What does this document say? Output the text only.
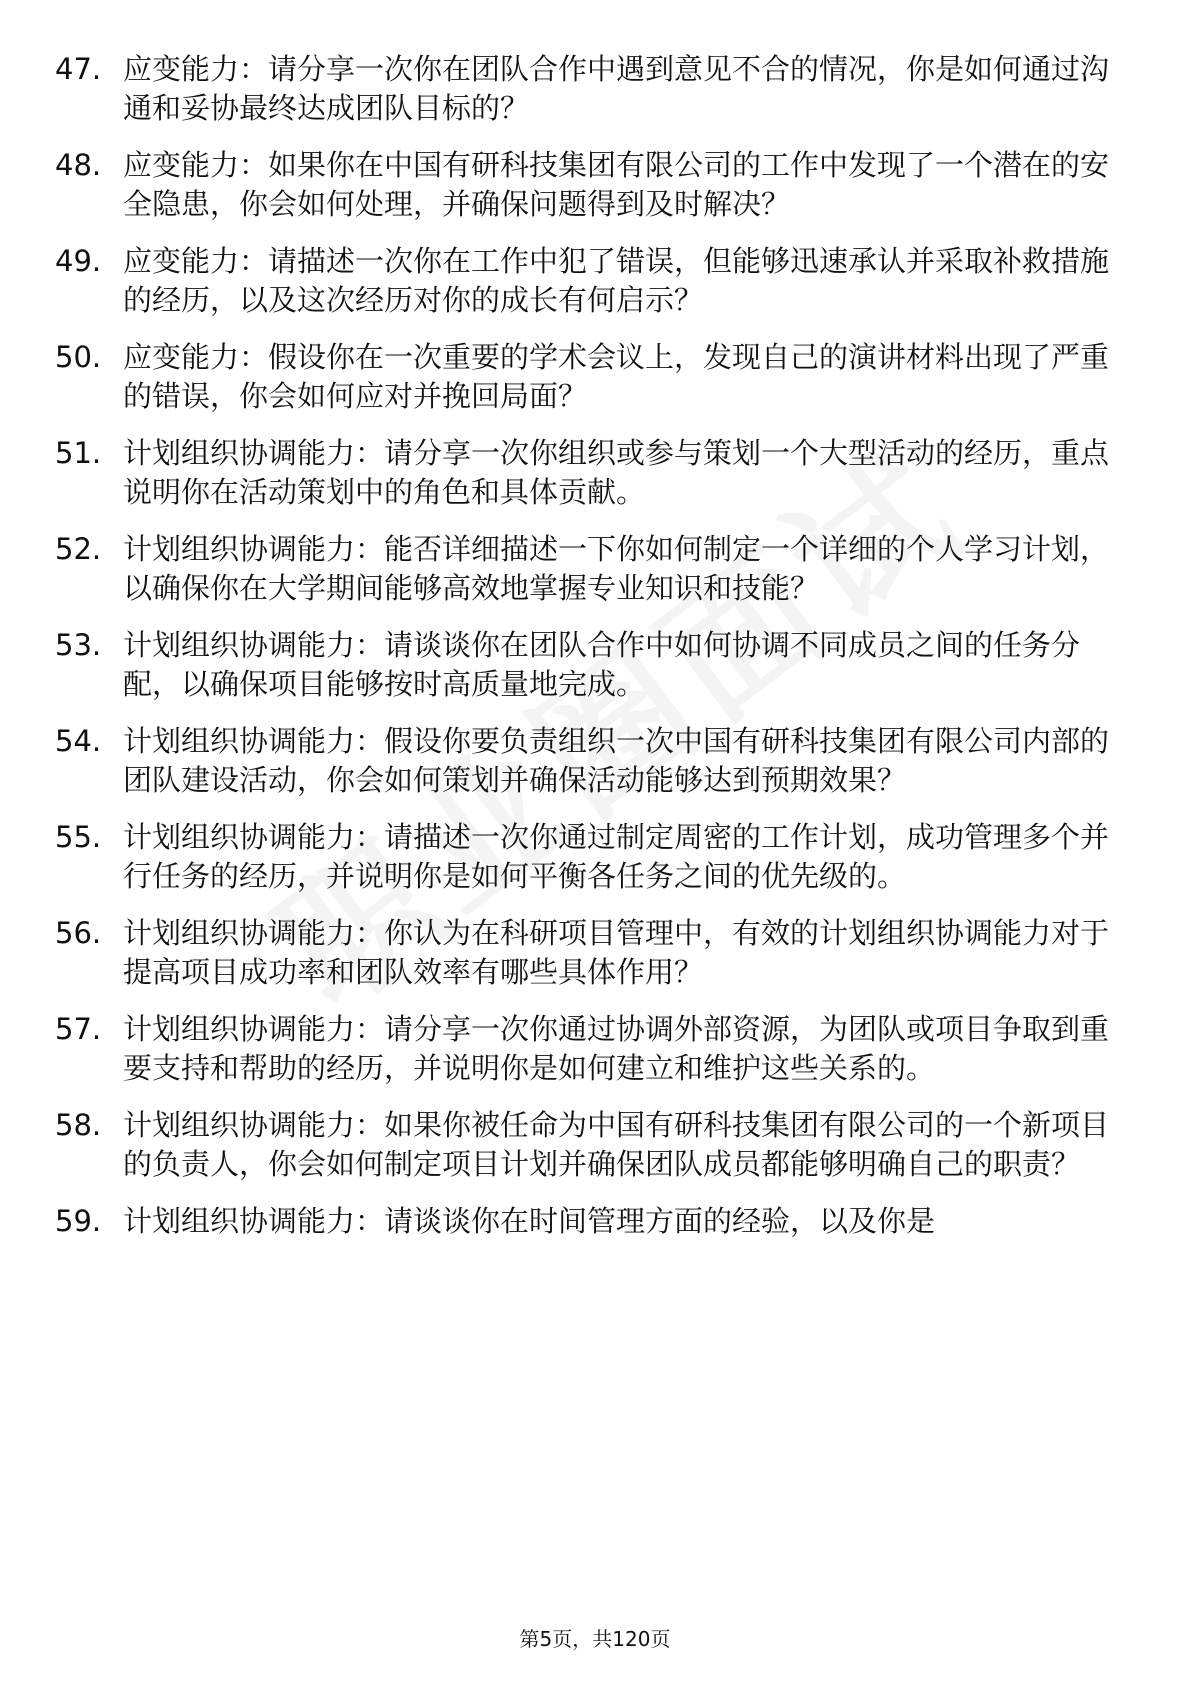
47. 应变能力：请分享一次你在团队合作中遇到意见不合的情况，你是如何通过沟通和妥协最终达成团队目标的？
48. 应变能力：如果你在中国有研科技集团有限公司的工作中发现了一个潜在的安全隐患，你会如何处理，并确保问题得到及时解决？
49. 应变能力：请描述一次你在工作中犯了错误，但能够迅速承认并采取补救措施的经历，以及这次经历对你的成长有何启示？
50. 应变能力：假设你在一次重要的学术会议上，发现自己的演讲材料出现了严重的错误，你会如何应对并挽回局面？
51. 计划组织协调能力：请分享一次你组织或参与策划一个大型活动的经历，重点说明你在活动策划中的角色和具体贡献。
52. 计划组织协调能力：能否详细描述一下你如何制定一个详细的个人学习计划，以确保你在大学期间能够高效地掌握专业知识和技能？
53. 计划组织协调能力：请谈谈你在团队合作中如何协调不同成员之间的任务分配，以确保项目能够按时高质量地完成。
54. 计划组织协调能力：假设你要负责组织一次中国有研科技集团有限公司内部的团队建设活动，你会如何策划并确保活动能够达到预期效果？
55. 计划组织协调能力：请描述一次你通过制定周密的工作计划，成功管理多个并行任务的经历，并说明你是如何平衡各任务之间的优先级的。
56. 计划组织协调能力：你认为在科研项目管理中，有效的计划组织协调能力对于提高项目成功率和团队效率有哪些具体作用？
57. 计划组织协调能力：请分享一次你通过协调外部资源，为团队或项目争取到重要支持和帮助的经历，并说明你是如何建立和维护这些关系的。
58. 计划组织协调能力：如果你被任命为中国有研科技集团有限公司的一个新项目的负责人，你会如何制定项目计划并确保团队成员都能够明确自己的职责？
59. 计划组织协调能力：请谈谈你在时间管理方面的经验，以及你是
第5页，共120页
